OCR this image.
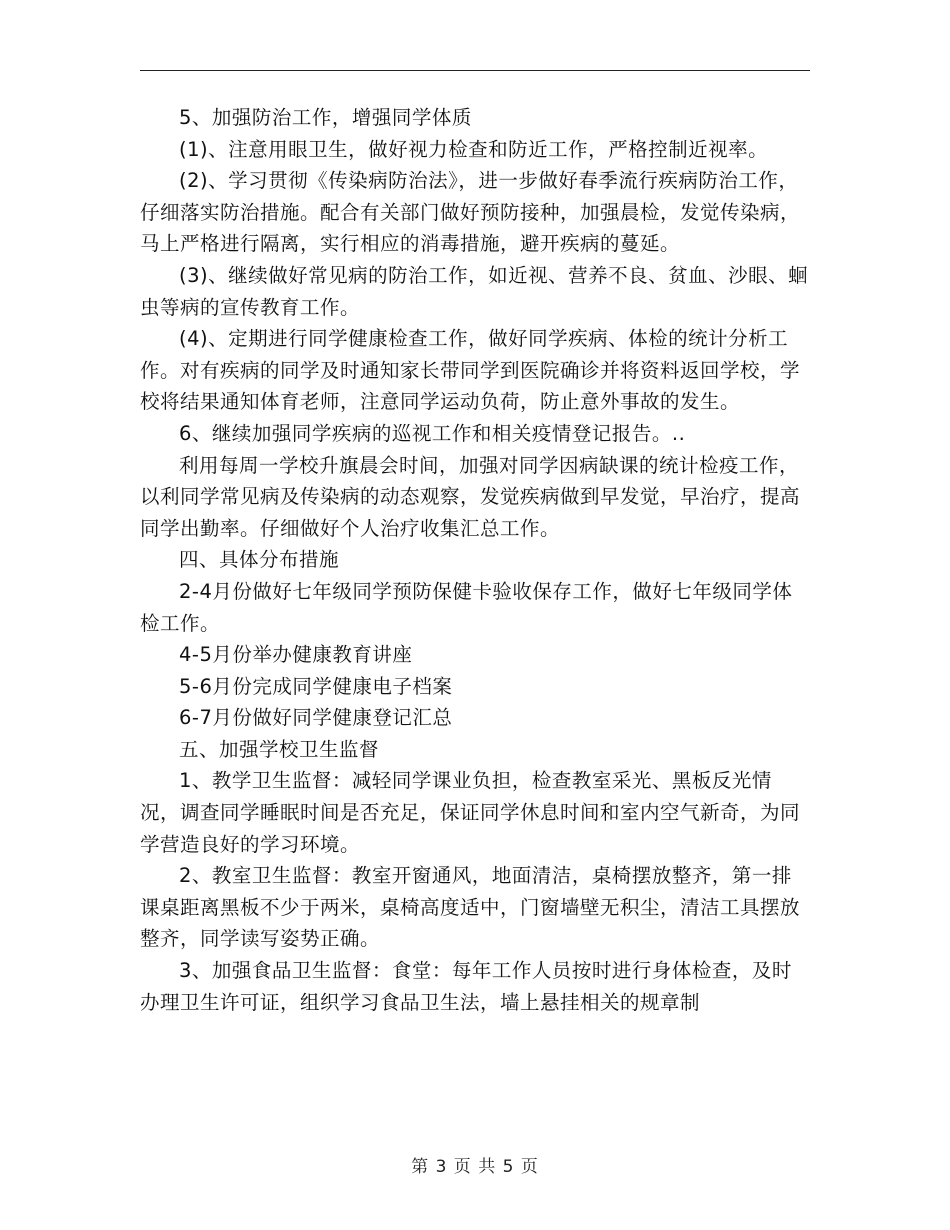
5、加强防治工作，增强同学体质

(1)、注意用眼卫生，做好视力检查和防近工作，严格控制近视率。

(2)、学习贯彻《传染病防治法》，进一步做好春季流行疾病防治工作，仔细落实防治措施。配合有关部门做好预防接种，加强晨检，发觉传染病，马上严格进行隔离，实行相应的消毒措施，避开疾病的蔓延。

(3)、继续做好常见病的防治工作，如近视、营养不良、贫血、沙眼、蛔虫等病的宣传教育工作。

(4)、定期进行同学健康检查工作，做好同学疾病、体检的统计分析工作。对有疾病的同学及时通知家长带同学到医院确诊并将资料返回学校，学校将结果通知体育老师，注意同学运动负荷，防止意外事故的发生。

6、继续加强同学疾病的巡视工作和相关疫情登记报告。..

利用每周一学校升旗晨会时间，加强对同学因病缺课的统计检疫工作，以利同学常见病及传染病的动态观察，发觉疾病做到早发觉，早治疗，提高同学出勤率。仔细做好个人治疗收集汇总工作。

四、具体分布措施

2-4月份做好七年级同学预防保健卡验收保存工作，做好七年级同学体检工作。

4-5月份举办健康教育讲座

5-6月份完成同学健康电子档案

6-7月份做好同学健康登记汇总

五、加强学校卫生监督

1、教学卫生监督：减轻同学课业负担，检查教室采光、黑板反光情况，调查同学睡眠时间是否充足，保证同学休息时间和室内空气新奇，为同学营造良好的学习环境。

2、教室卫生监督：教室开窗通风，地面清洁，桌椅摆放整齐，第一排课桌距离黑板不少于两米，桌椅高度适中，门窗墙壁无积尘，清洁工具摆放整齐，同学读写姿势正确。

3、加强食品卫生监督：食堂：每年工作人员按时进行身体检查，及时办理卫生许可证，组织学习食品卫生法，墙上悬挂相关的规章制

第 3 页 共 5 页
